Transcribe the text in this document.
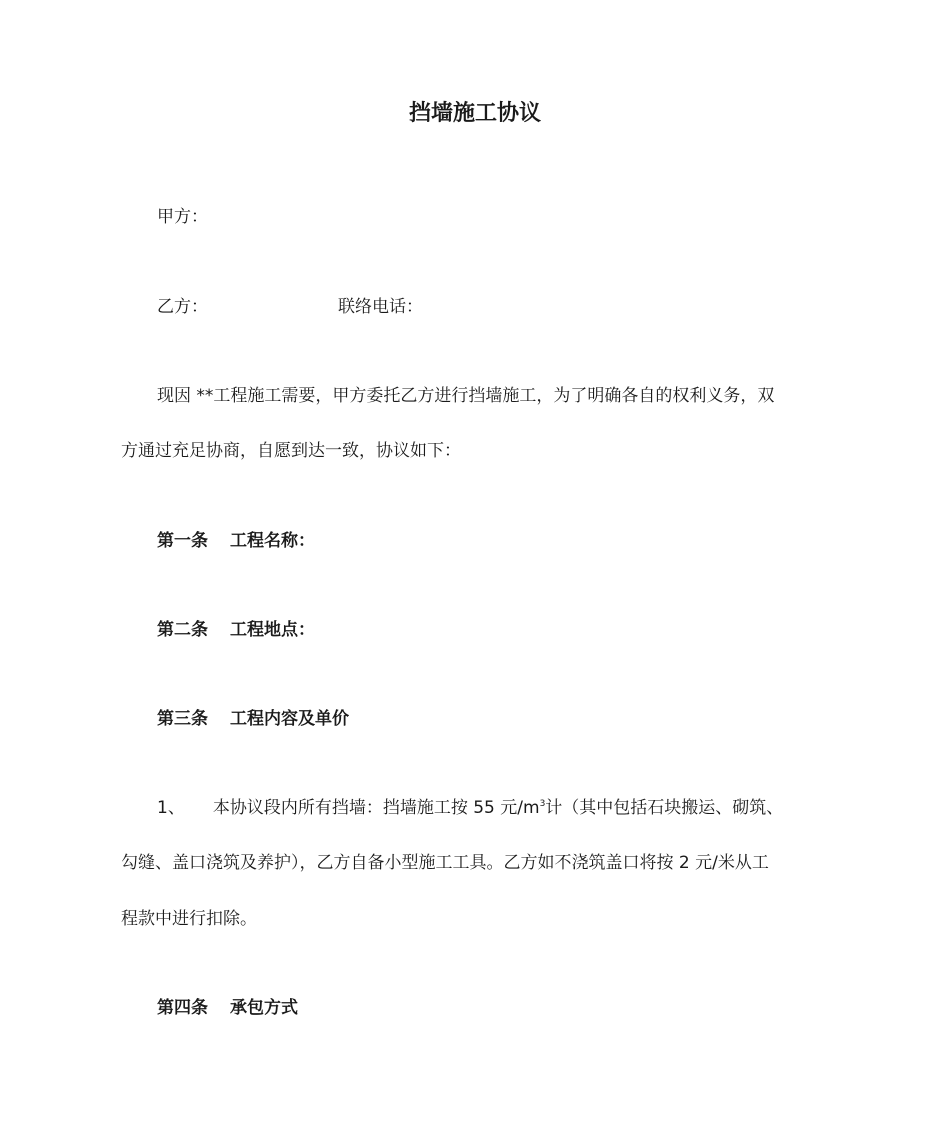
挡墙施工协议
甲方：
乙方：	联络电话：
现因 **工程施工需要，甲方委托乙方进行挡墙施工，为了明确各自的权利义务，双
方通过充足协商，自愿到达一致，协议如下：
第一条 工程名称：
第二条 工程地点：
第三条 工程内容及单价
1、 本协议段内所有挡墙：挡墙施工按 55 元$/m^3$计（其中包括石块搬运、砌筑、
勾缝、盖口浇筑及养护），乙方自备小型施工工具。乙方如不浇筑盖口将按 2 元/米从工
程款中进行扣除。
第四条 承包方式
